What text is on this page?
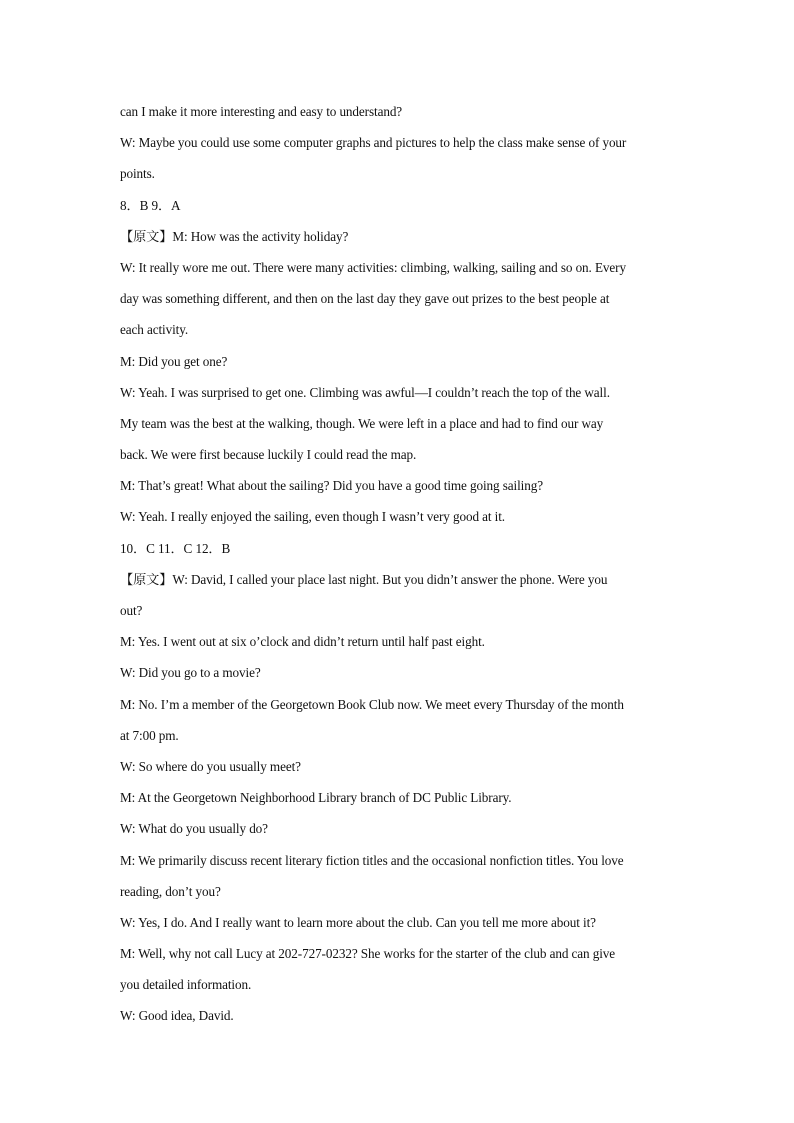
can I make it more interesting and easy to understand?
W: Maybe you could use some computer graphs and pictures to help the class make sense of your
points.
8．B 9．A
【原文】M: How was the activity holiday?
W: It really wore me out. There were many activities: climbing, walking, sailing and so on. Every
day was something different, and then on the last day they gave out prizes to the best people at
each activity.
M: Did you get one?
W: Yeah. I was surprised to get one. Climbing was awful—I couldn’t reach the top of the wall.
My team was the best at the walking, though. We were left in a place and had to find our way
back. We were first because luckily I could read the map.
M: That’s great! What about the sailing? Did you have a good time going sailing?
W: Yeah. I really enjoyed the sailing, even though I wasn’t very good at it.
10．C 11．C 12．B
【原文】W: David, I called your place last night. But you didn’t answer the phone. Were you
out?
M: Yes. I went out at six o’clock and didn’t return until half past eight.
W: Did you go to a movie?
M: No. I’m a member of the Georgetown Book Club now. We meet every Thursday of the month
at 7:00 pm.
W: So where do you usually meet?
M: At the Georgetown Neighborhood Library branch of DC Public Library.
W: What do you usually do?
M: We primarily discuss recent literary fiction titles and the occasional nonfiction titles. You love
reading, don’t you?
W: Yes, I do. And I really want to learn more about the club. Can you tell me more about it?
M: Well, why not call Lucy at 202-727-0232? She works for the starter of the club and can give
you detailed information.
W: Good idea, David.
